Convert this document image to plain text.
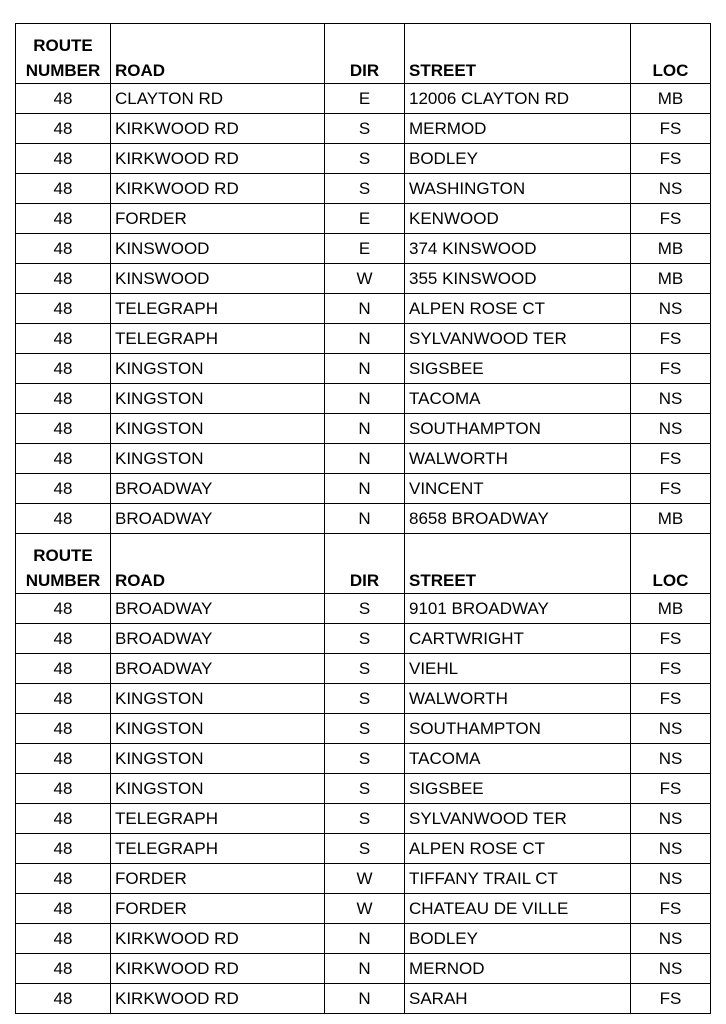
ROUTE				
NUMBER	ROAD	DIR	STREET	LOC
48	CLAYTON RD	E	12006 CLAYTON RD	MB
48	KIRKWOOD RD	S	MERMOD	FS
48	KIRKWOOD RD	S	BODLEY	FS
48	KIRKWOOD RD	S	WASHINGTON	NS
48	FORDER	E	KENWOOD	FS
48	KINSWOOD	E	374 KINSWOOD	MB
48	KINSWOOD	W	355 KINSWOOD	MB
48	TELEGRAPH	N	ALPEN ROSE CT	NS
48	TELEGRAPH	N	SYLVANWOOD TER	FS
48	KINGSTON	N	SIGSBEE	FS
48	KINGSTON	N	TACOMA	NS
48	KINGSTON	N	SOUTHAMPTON	NS
48	KINGSTON	N	WALWORTH	FS
48	BROADWAY	N	VINCENT	FS
48	BROADWAY	N	8658 BROADWAY	MB
ROUTE				
NUMBER	ROAD	DIR	STREET	LOC
48	BROADWAY	S	9101 BROADWAY	MB
48	BROADWAY	S	CARTWRIGHT	FS
48	BROADWAY	S	VIEHL	FS
48	KINGSTON	S	WALWORTH	FS
48	KINGSTON	S	SOUTHAMPTON	NS
48	KINGSTON	S	TACOMA	NS
48	KINGSTON	S	SIGSBEE	FS
48	TELEGRAPH	S	SYLVANWOOD TER	NS
48	TELEGRAPH	S	ALPEN ROSE CT	NS
48	FORDER	W	TIFFANY TRAIL CT	NS
48	FORDER	W	CHATEAU DE VILLE	FS
48	KIRKWOOD RD	N	BODLEY	NS
48	KIRKWOOD RD	N	MERNOD	NS
48	KIRKWOOD RD	N	SARAH	FS
